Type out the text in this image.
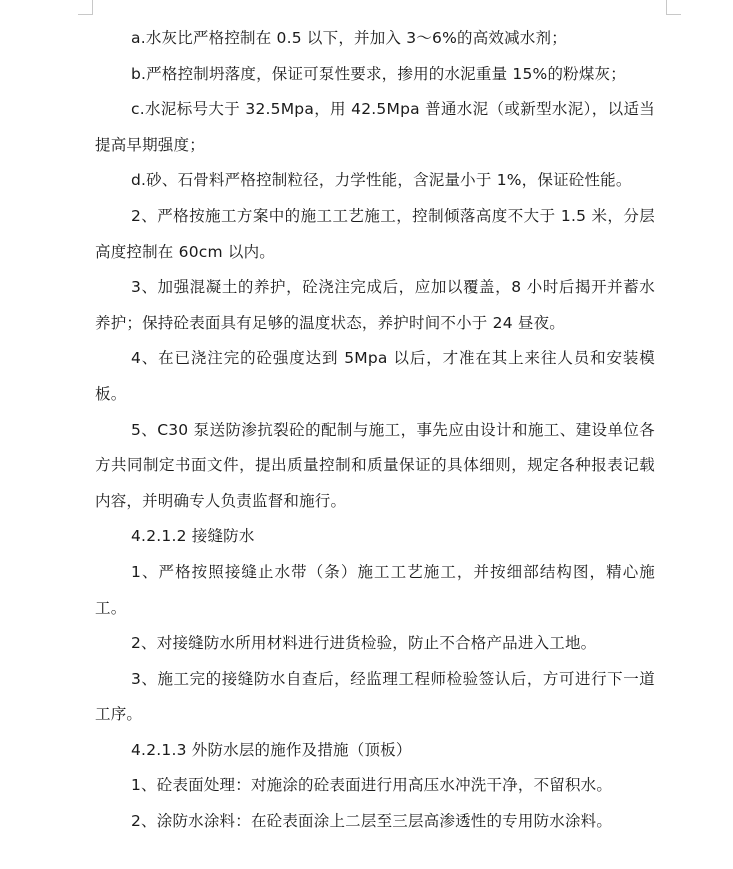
a.水灰比严格控制在 0.5 以下，并加入 3～6%的高效减水剂；

b.严格控制坍落度，保证可泵性要求，掺用的水泥重量 15%的粉煤灰；

c.水泥标号大于 32.5Mpa，用 42.5Mpa 普通水泥（或新型水泥），以适当提高早期强度；

d.砂、石骨料严格控制粒径，力学性能，含泥量小于 1%，保证砼性能。

2、严格按施工方案中的施工工艺施工，控制倾落高度不大于 1.5 米，分层高度控制在 60cm 以内。

3、加强混凝土的养护，砼浇注完成后，应加以覆盖，8 小时后揭开并蓄水养护；保持砼表面具有足够的温度状态，养护时间不小于 24 昼夜。

4、在已浇注完的砼强度达到 5Mpa 以后，才准在其上来往人员和安装模板。

5、C30 泵送防渗抗裂砼的配制与施工，事先应由设计和施工、建设单位各方共同制定书面文件，提出质量控制和质量保证的具体细则，规定各种报表记载内容，并明确专人负责监督和施行。

4.2.1.2 接缝防水

1、严格按照接缝止水带（条）施工工艺施工，并按细部结构图，精心施工。

2、对接缝防水所用材料进行进货检验，防止不合格产品进入工地。

3、施工完的接缝防水自查后，经监理工程师检验签认后，方可进行下一道工序。

4.2.1.3 外防水层的施作及措施（顶板）

1、砼表面处理：对施涂的砼表面进行用高压水冲洗干净，不留积水。

2、涂防水涂料：在砼表面涂上二层至三层高渗透性的专用防水涂料。
